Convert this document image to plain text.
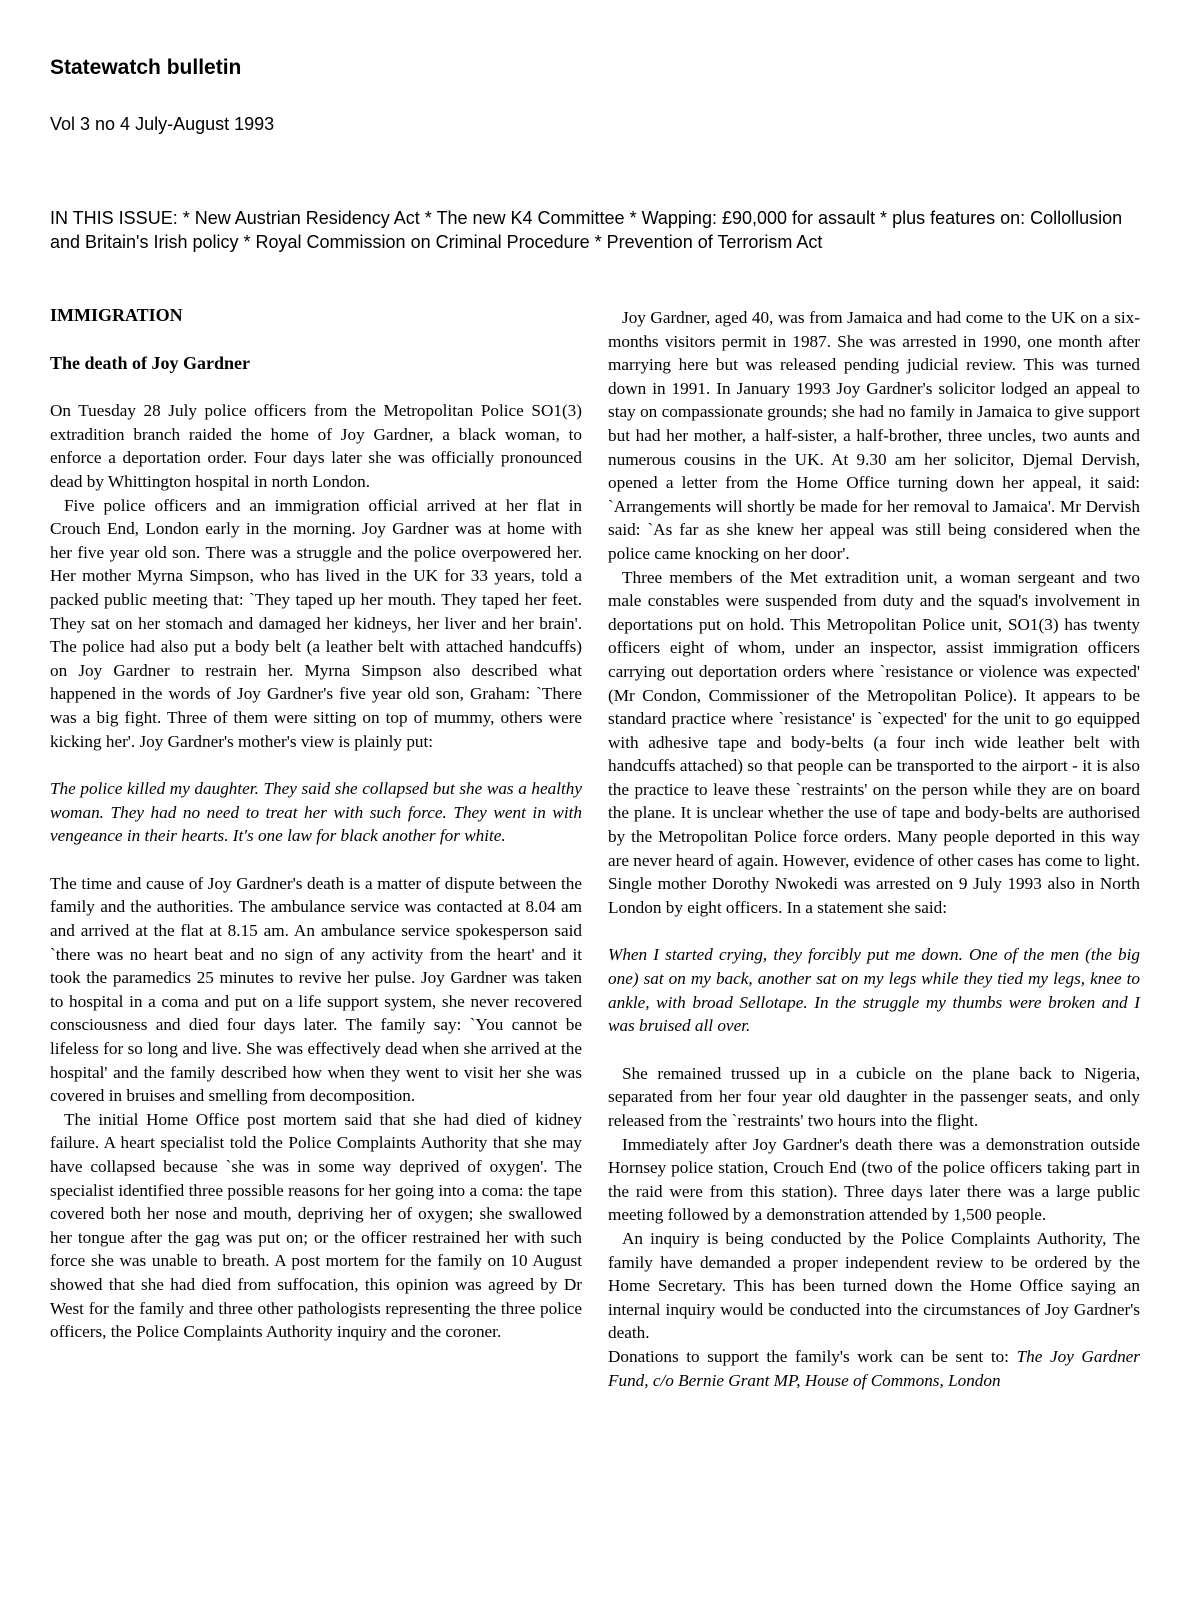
Statewatch bulletin
Vol 3 no 4 July-August 1993
IN THIS ISSUE: * New Austrian Residency Act * The new K4 Committee * Wapping: £90,000 for assault * plus features on: Collollusion and Britain's Irish policy * Royal Commission on Criminal Procedure * Prevention of Terrorism Act

IMMIGRATION

The death of Joy Gardner

On Tuesday 28 July police officers from the Metropolitan Police SO1(3) extradition branch raided the home of Joy Gardner, a black woman, to enforce a deportation order. Four days later she was officially pronounced dead by Whittington hospital in north London.

Five police officers and an immigration official arrived at her flat in Crouch End, London early in the morning. Joy Gardner was at home with her five year old son. There was a struggle and the police overpowered her. Her mother Myrna Simpson, who has lived in the UK for 33 years, told a packed public meeting that: `They taped up her mouth. They taped her feet. They sat on her stomach and damaged her kidneys, her liver and her brain'. The police had also put a body belt (a leather belt with attached handcuffs) on Joy Gardner to restrain her. Myrna Simpson also described what happened in the words of Joy Gardner's five year old son, Graham: `There was a big fight. Three of them were sitting on top of mummy, others were kicking her'. Joy Gardner's mother's view is plainly put:

The police killed my daughter. They said she collapsed but she was a healthy woman. They had no need to treat her with such force. They went in with vengeance in their hearts. It's one law for black another for white.

The time and cause of Joy Gardner's death is a matter of dispute between the family and the authorities. The ambulance service was contacted at 8.04 am and arrived at the flat at 8.15 am. An ambulance service spokesperson said `there was no heart beat and no sign of any activity from the heart' and it took the paramedics 25 minutes to revive her pulse. Joy Gardner was taken to hospital in a coma and put on a life support system, she never recovered consciousness and died four days later. The family say: `You cannot be lifeless for so long and live. She was effectively dead when she arrived at the hospital' and the family described how when they went to visit her she was covered in bruises and smelling from decomposition.

The initial Home Office post mortem said that she had died of kidney failure. A heart specialist told the Police Complaints Authority that she may have collapsed because `she was in some way deprived of oxygen'. The specialist identified three possible reasons for her going into a coma: the tape covered both her nose and mouth, depriving her of oxygen; she swallowed her tongue after the gag was put on; or the officer restrained her with such force she was unable to breath. A post mortem for the family on 10 August showed that she had died from suffocation, this opinion was agreed by Dr West for the family and three other pathologists representing the three police officers, the Police Complaints Authority inquiry and the coroner.

Joy Gardner, aged 40, was from Jamaica and had come to the UK on a six-months visitors permit in 1987. She was arrested in 1990, one month after marrying here but was released pending judicial review. This was turned down in 1991. In January 1993 Joy Gardner's solicitor lodged an appeal to stay on compassionate grounds; she had no family in Jamaica to give support but had her mother, a half-sister, a half-brother, three uncles, two aunts and numerous cousins in the UK. At 9.30 am her solicitor, Djemal Dervish, opened a letter from the Home Office turning down her appeal, it said: `Arrangements will shortly be made for her removal to Jamaica'. Mr Dervish said: `As far as she knew her appeal was still being considered when the police came knocking on her door'.

Three members of the Met extradition unit, a woman sergeant and two male constables were suspended from duty and the squad's involvement in deportations put on hold. This Metropolitan Police unit, SO1(3) has twenty officers eight of whom, under an inspector, assist immigration officers carrying out deportation orders where `resistance or violence was expected' (Mr Condon, Commissioner of the Metropolitan Police). It appears to be standard practice where `resistance' is `expected' for the unit to go equipped with adhesive tape and body-belts (a four inch wide leather belt with handcuffs attached) so that people can be transported to the airport - it is also the practice to leave these `restraints' on the person while they are on board the plane. It is unclear whether the use of tape and body-belts are authorised by the Metropolitan Police force orders. Many people deported in this way are never heard of again. However, evidence of other cases has come to light. Single mother Dorothy Nwokedi was arrested on 9 July 1993 also in North London by eight officers. In a statement she said:

When I started crying, they forcibly put me down. One of the men (the big one) sat on my back, another sat on my legs while they tied my legs, knee to ankle, with broad Sellotape. In the struggle my thumbs were broken and I was bruised all over.

She remained trussed up in a cubicle on the plane back to Nigeria, separated from her four year old daughter in the passenger seats, and only released from the `restraints' two hours into the flight.

Immediately after Joy Gardner's death there was a demonstration outside Hornsey police station, Crouch End (two of the police officers taking part in the raid were from this station). Three days later there was a large public meeting followed by a demonstration attended by 1,500 people.

An inquiry is being conducted by the Police Complaints Authority, The family have demanded a proper independent review to be ordered by the Home Secretary. This has been turned down the Home Office saying an internal inquiry would be conducted into the circumstances of Joy Gardner's death.

Donations to support the family's work can be sent to: The Joy Gardner Fund, c/o Bernie Grant MP, House of Commons, London
